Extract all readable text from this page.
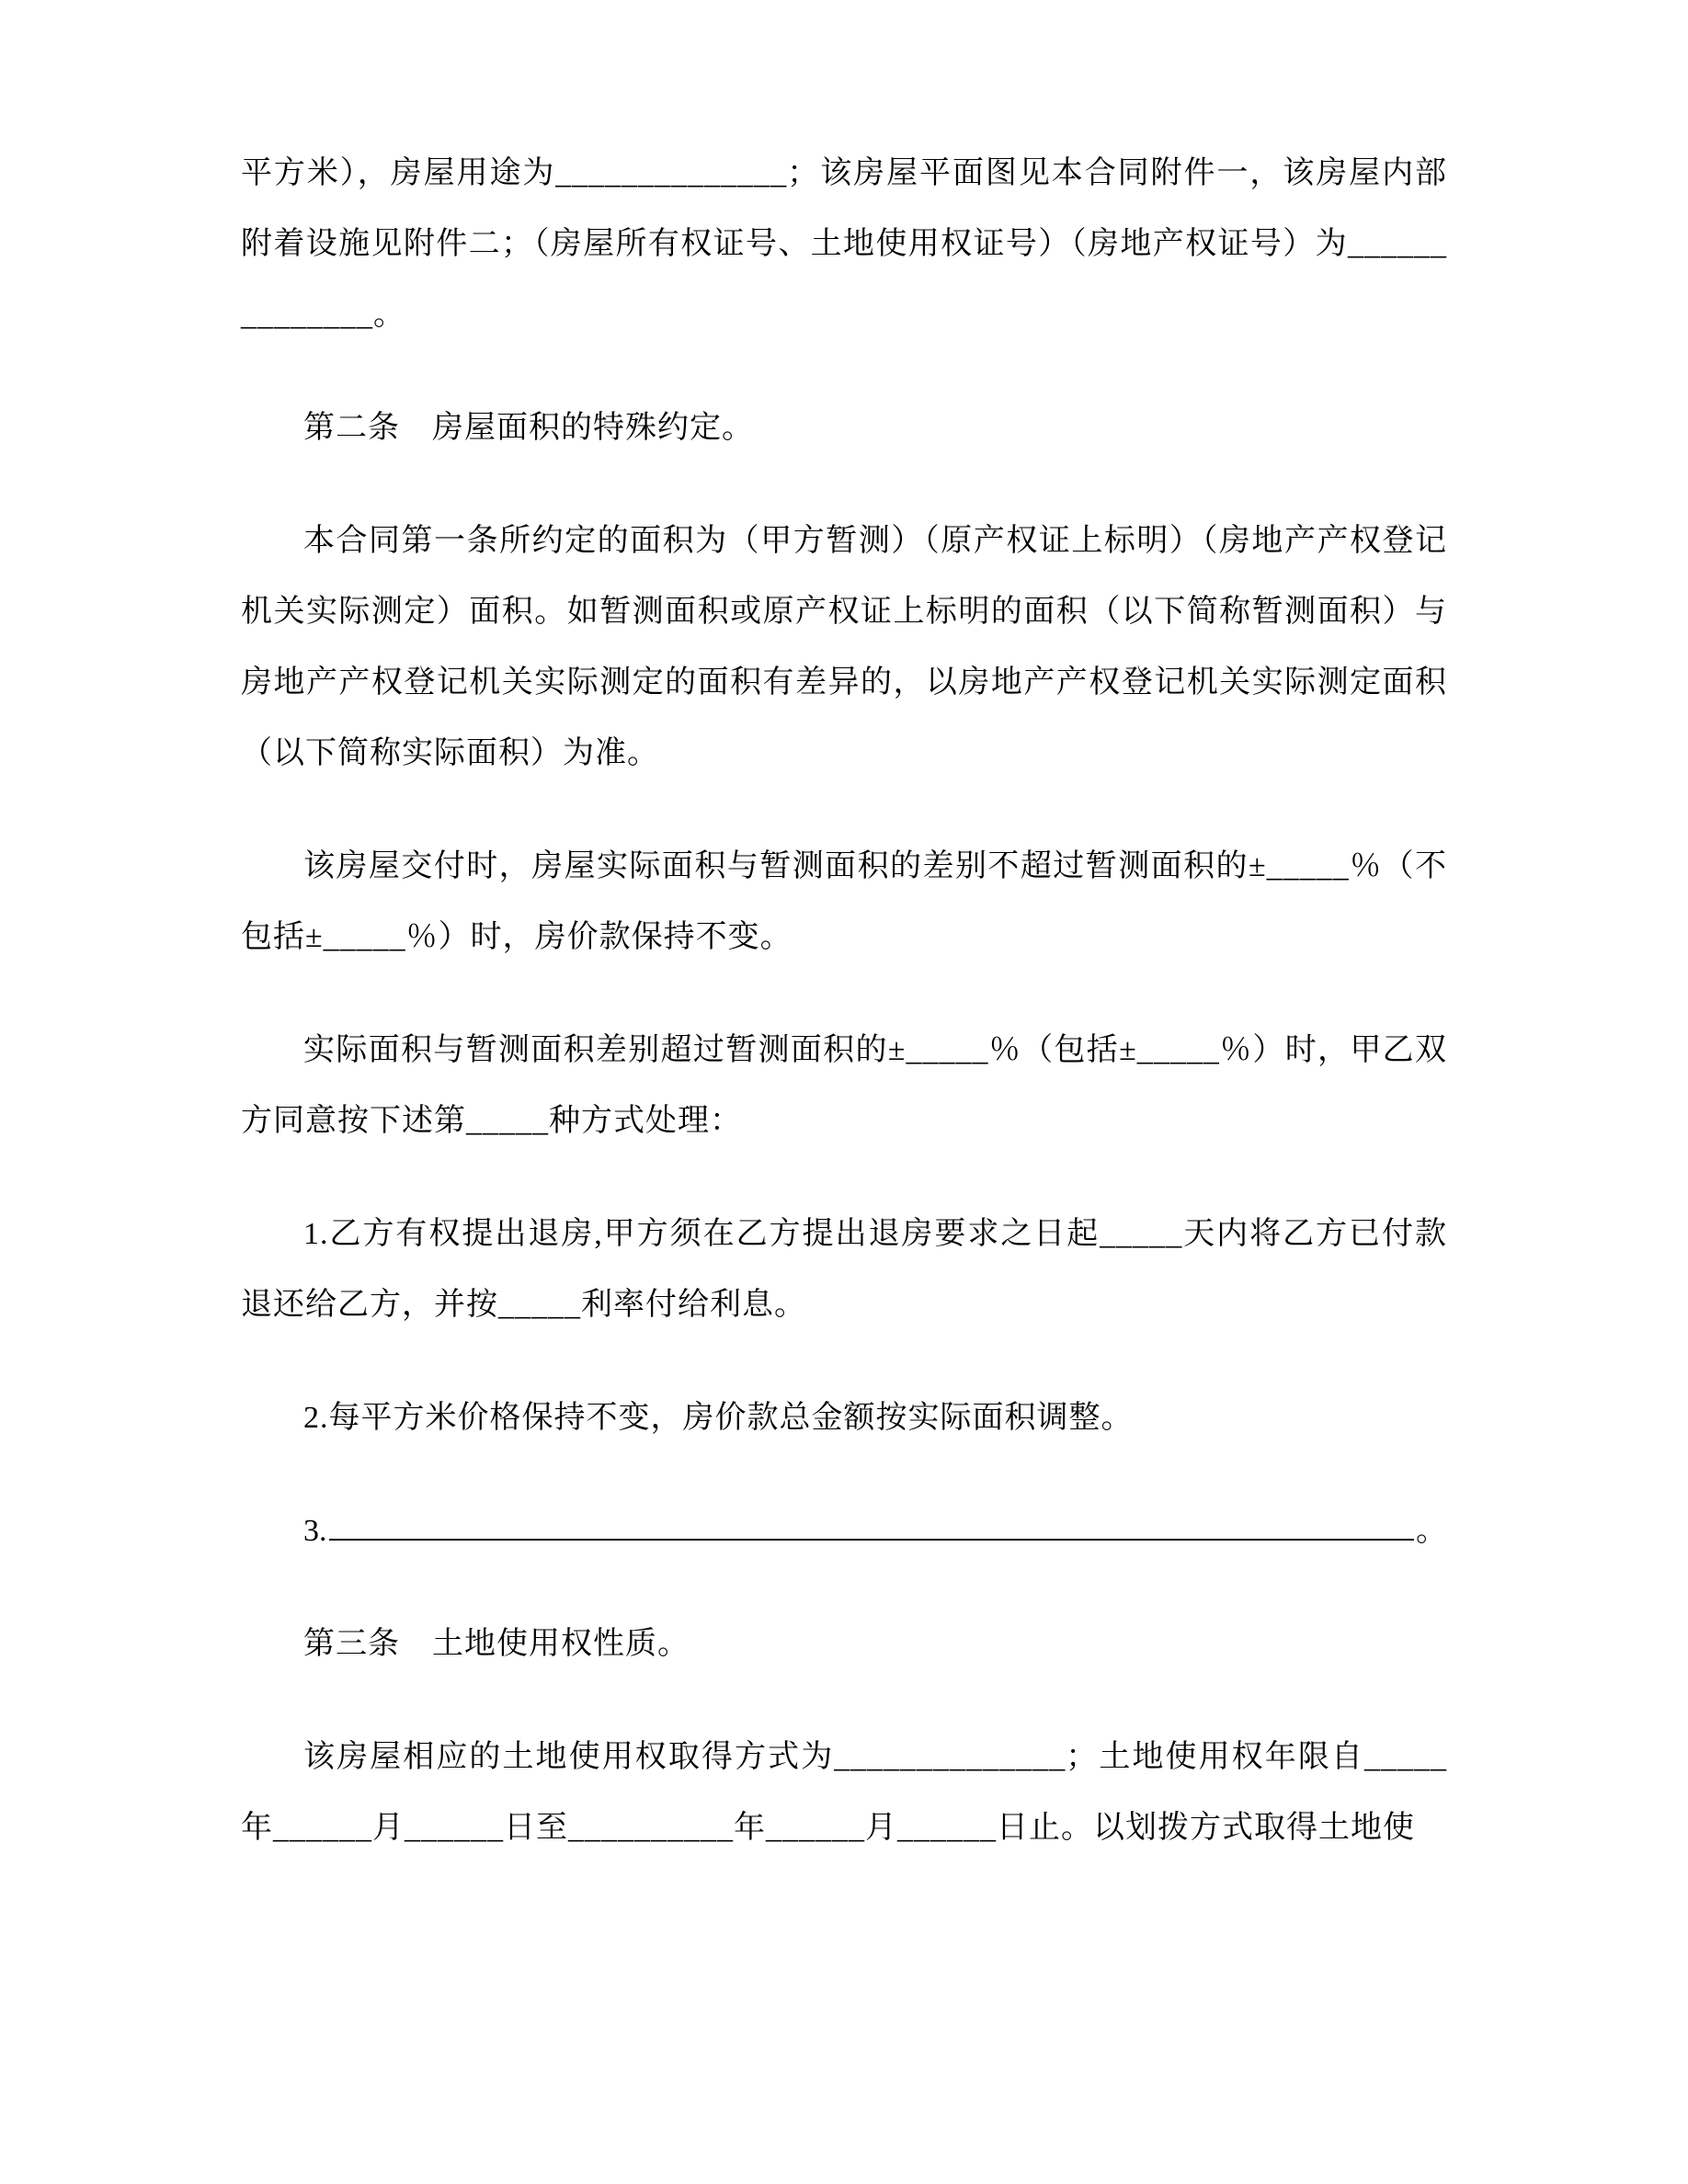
平方米），房屋用途为______________；该房屋平面图见本合同附件一，该房屋内部附着设施见附件二；（房屋所有权证号、土地使用权证号）（房地产权证号）为______________。

第二条　房屋面积的特殊约定。

本合同第一条所约定的面积为（甲方暂测）（原产权证上标明）（房地产产权登记机关实际测定）面积。如暂测面积或原产权证上标明的面积（以下简称暂测面积）与房地产产权登记机关实际测定的面积有差异的，以房地产产权登记机关实际测定面积（以下简称实际面积）为准。

该房屋交付时，房屋实际面积与暂测面积的差别不超过暂测面积的±_____％（不包括±_____％）时，房价款保持不变。

实际面积与暂测面积差别超过暂测面积的±_____％（包括±_____％）时，甲乙双方同意按下述第_____种方式处理：

1.乙方有权提出退房,甲方须在乙方提出退房要求之日起_____天内将乙方已付款退还给乙方，并按_____利率付给利息。

2.每平方米价格保持不变，房价款总金额按实际面积调整。

3.	。

第三条　土地使用权性质。

该房屋相应的土地使用权取得方式为______________；土地使用权年限自_____年______月______日至__________年______月______日止。以划拨方式取得土地使
